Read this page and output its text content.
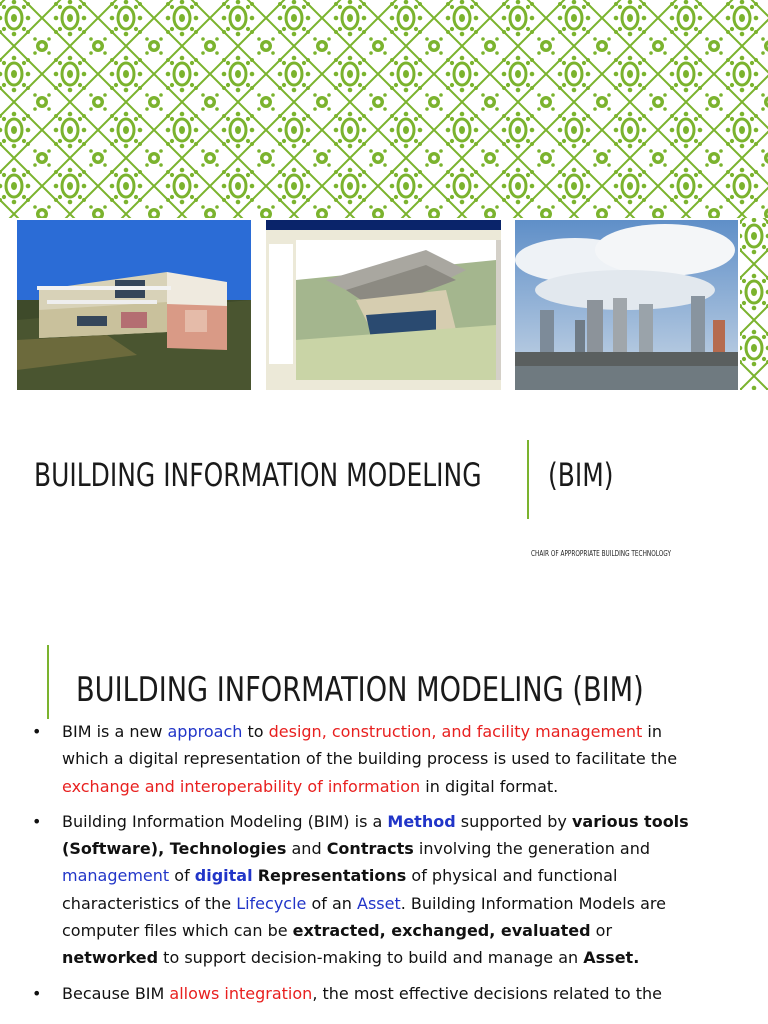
BUILDING INFORMATION MODELING (BIM)
CHAIR OF APPROPRIATE BUILDING TECHNOLOGY
BUILDING INFORMATION MODELING (BIM)
• BIM is a new approach to design, construction, and facility management in which a digital representation of the building process is used to facilitate the exchange and interoperability of information in digital format.
• Building Information Modeling (BIM) is a Method supported by various tools (Software), Technologies and Contracts involving the generation and management of digital Representations of physical and functional characteristics of the Lifecycle of an Asset. Building Information Models are computer files which can be extracted, exchanged, evaluated or networked to support decision-making to build and manage an Asset.
• Because BIM allows integration, the most effective decisions related to the
